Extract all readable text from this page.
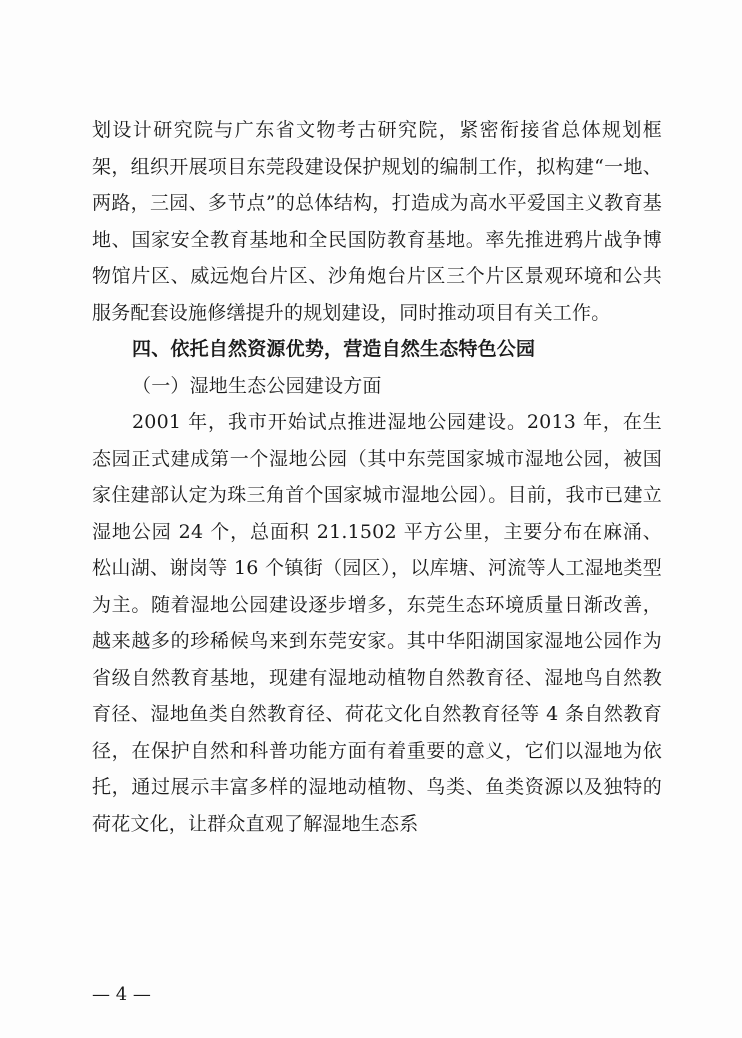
划设计研究院与广东省文物考古研究院，紧密衔接省总体规划框架，组织开展项目东莞段建设保护规划的编制工作，拟构建“一地、两路，三园、多节点”的总体结构，打造成为高水平爱国主义教育基地、国家安全教育基地和全民国防教育基地。率先推进鸦片战争博物馆片区、威远炮台片区、沙角炮台片区三个片区景观环境和公共服务配套设施修缮提升的规划建设，同时推动项目有关工作。

四、依托自然资源优势，营造自然生态特色公园

（一）湿地生态公园建设方面

2001 年，我市开始试点推进湿地公园建设。2013 年，在生态园正式建成第一个湿地公园（其中东莞国家城市湿地公园，被国家住建部认定为珠三角首个国家城市湿地公园）。目前，我市已建立湿地公园 24 个，总面积 21.1502 平方公里，主要分布在麻涌、松山湖、谢岗等 16 个镇街（园区），以库塘、河流等人工湿地类型为主。随着湿地公园建设逐步增多，东莞生态环境质量日渐改善，越来越多的珍稀候鸟来到东莞安家。其中华阳湖国家湿地公园作为省级自然教育基地，现建有湿地动植物自然教育径、湿地鸟自然教育径、湿地鱼类自然教育径、荷花文化自然教育径等 4 条自然教育径，在保护自然和科普功能方面有着重要的意义，它们以湿地为依托，通过展示丰富多样的湿地动植物、鸟类、鱼类资源以及独特的荷花文化，让群众直观了解湿地生态系

— 4 —
